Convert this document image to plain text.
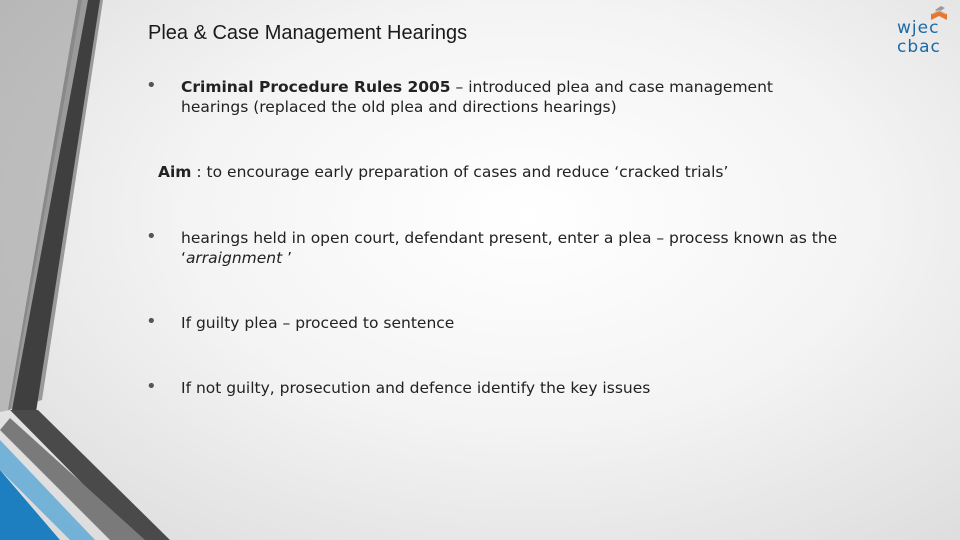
Plea & Case Management Hearings	wjec
cbac
• Criminal Procedure Rules 2005 – introduced plea and case management hearings (replaced the old plea and directions hearings)
Aim : to encourage early preparation of cases and reduce ‘cracked trials’
• hearings held in open court, defendant present, enter a plea – process known as the ‘arraignment ’
• If guilty plea – proceed to sentence
• If not guilty, prosecution and defence identify the key issues
